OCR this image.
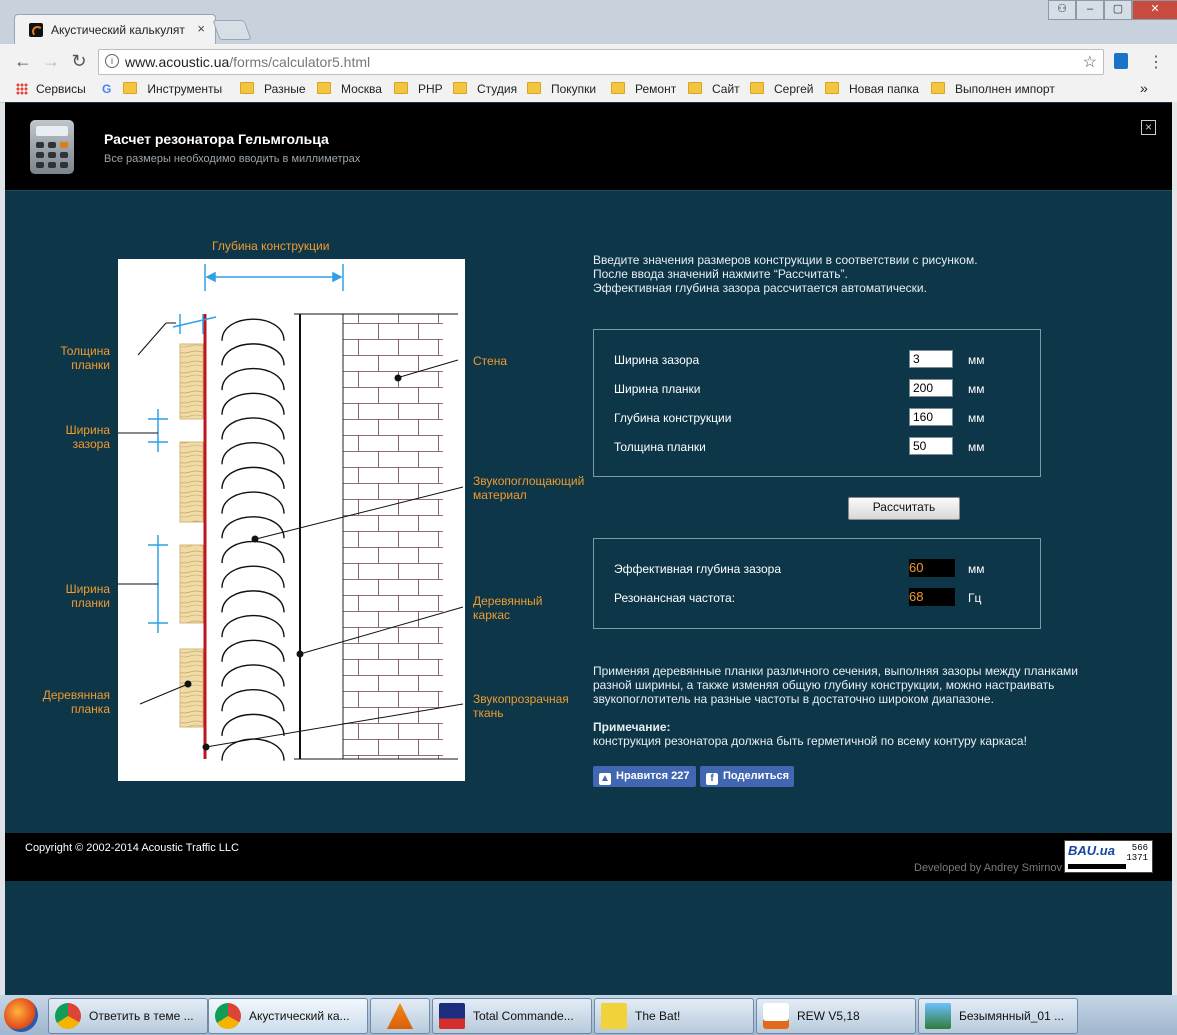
Акустический калькулят ×
⚇	–	▢	✕
← → ↻	i www.acoustic.ua/forms/calculator5.html	☆	⋮
Сервисы G	Инструменты	Разные	Москва	PHP	Студия	Покупки	Ремонт	Сайт	Сергей	Новая папка	Выполнен импорт	»
Расчет резонатора Гельмгольца
Все размеры необходимо вводить в миллиметрах
×
Глубина конструкции
Толщина
планки
Ширина
зазора
Ширина
планки
Деревянная
планка
Стена
Звукопоглощающий
материал
Деревянный
каркас
Звукопрозрачная
ткань
Введите значения размеров конструкции в соответствии с рисунком.
После ввода значений нажмите “Рассчитать”.
Эффективная глубина зазора рассчитается автоматически.
Ширина зазора
3	мм
Ширина планки
200	мм
Глубина конструкции
160	мм
Толщина планки
50	мм
Рассчитать
Эффективная глубина зазора	60	мм
Резонансная частота:	68	Гц
Применяя деревянные планки различного сечения, выполняя зазоры между планками
разной ширины, а также изменяя общую глубину конструкции, можно настраивать
звукопоглотитель на разные частоты в достаточно широком диапазоне.
Примечание:
конструкция резонатора должна быть герметичной по всему контуру каркаса!
▲ Нравится 227	f Поделиться
Copyright © 2002-2014 Acoustic Traffic LLC
Developed by Andrey Smirnov
BAU.ua 566
1371
Ответить в теме ...	Акустический ка...	Total Commande...	The Bat!	REW V5,18	Безымянный_01 ...
